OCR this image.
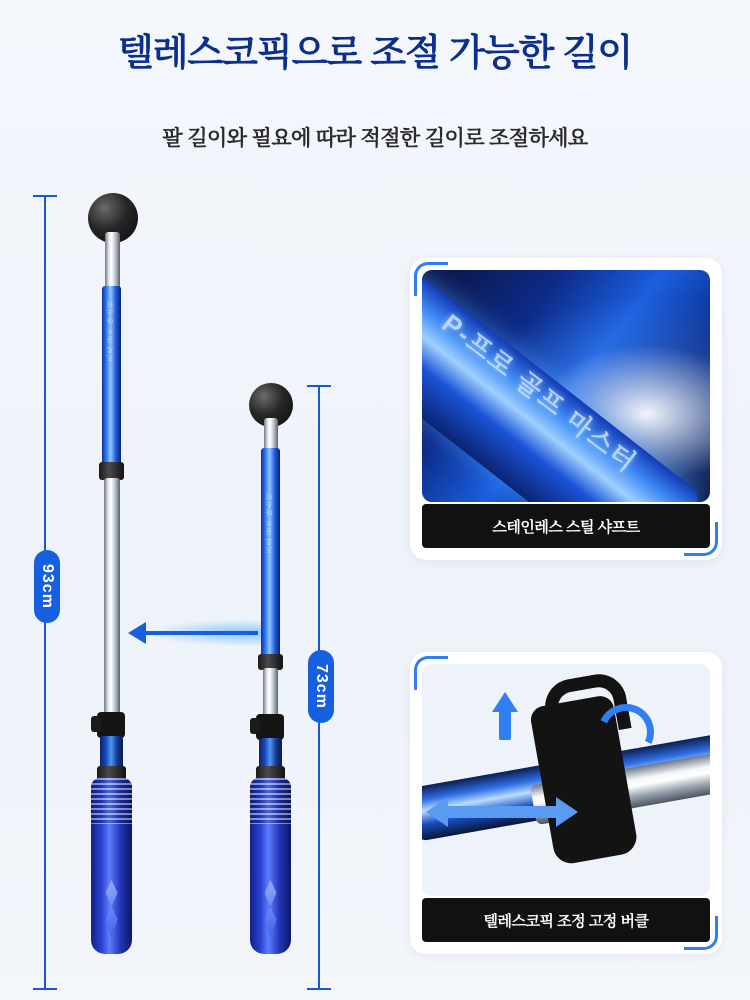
텔레스코픽으로 조절 가능한 길이
팔 길이와 필요에 따라 적절한 길이로 조절하세요
93cm
73cm
프로 골프 마스터
프로 골프 마스터
P-프로 골프 마스터
스테인레스 스틸 샤프트
텔레스코픽 조정 고정 버클
